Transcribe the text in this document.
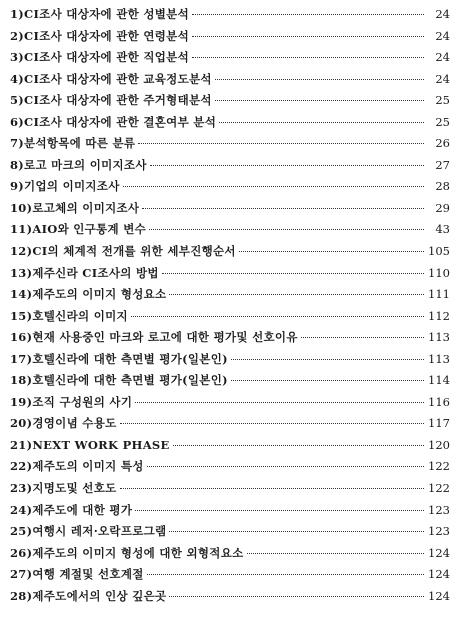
1)CI조사 대상자에 관한 성별분석	24
2)CI조사 대상자에 관한 연령분석	24
3)CI조사 대상자에 관한 직업분석	24
4)CI조사 대상자에 관한 교육정도분석	24
5)CI조사 대상자에 관한 주거형태분석	25
6)CI조사 대상자에 관한 결혼여부 분석	25
7)분석항목에 따른 분류	26
8)로고 마크의 이미지조사	27
9)기업의 이미지조사	28
10)로고체의 이미지조사	29
11)AIO와 인구통계 변수	43
12)CI의 체계적 전개를 위한 세부진행순서	105
13)제주신라 CI조사의 방법	110
14)제주도의 이미지 형성요소	111
15)호텔신라의 이미지	112
16)현재 사용중인 마크와 로고에 대한 평가및 선호이유	113
17)호텔신라에 대한 측면별 평가(일본인)	113
18)호텔신라에 대한 측면별 평가(일본인)	114
19)조직 구성원의 사기	116
20)경영이념 수용도	117
21)NEXT WORK PHASE	120
22)제주도의 이미지 특성	122
23)지명도및 선호도	122
24)제주도에 대한 평가	123
25)여행시 레저·오락프로그램	123
26)제주도의 이미지 형성에 대한 외형적요소	124
27)여행 계절및 선호계절	124
28)제주도에서의 인상 깊은곳	124
